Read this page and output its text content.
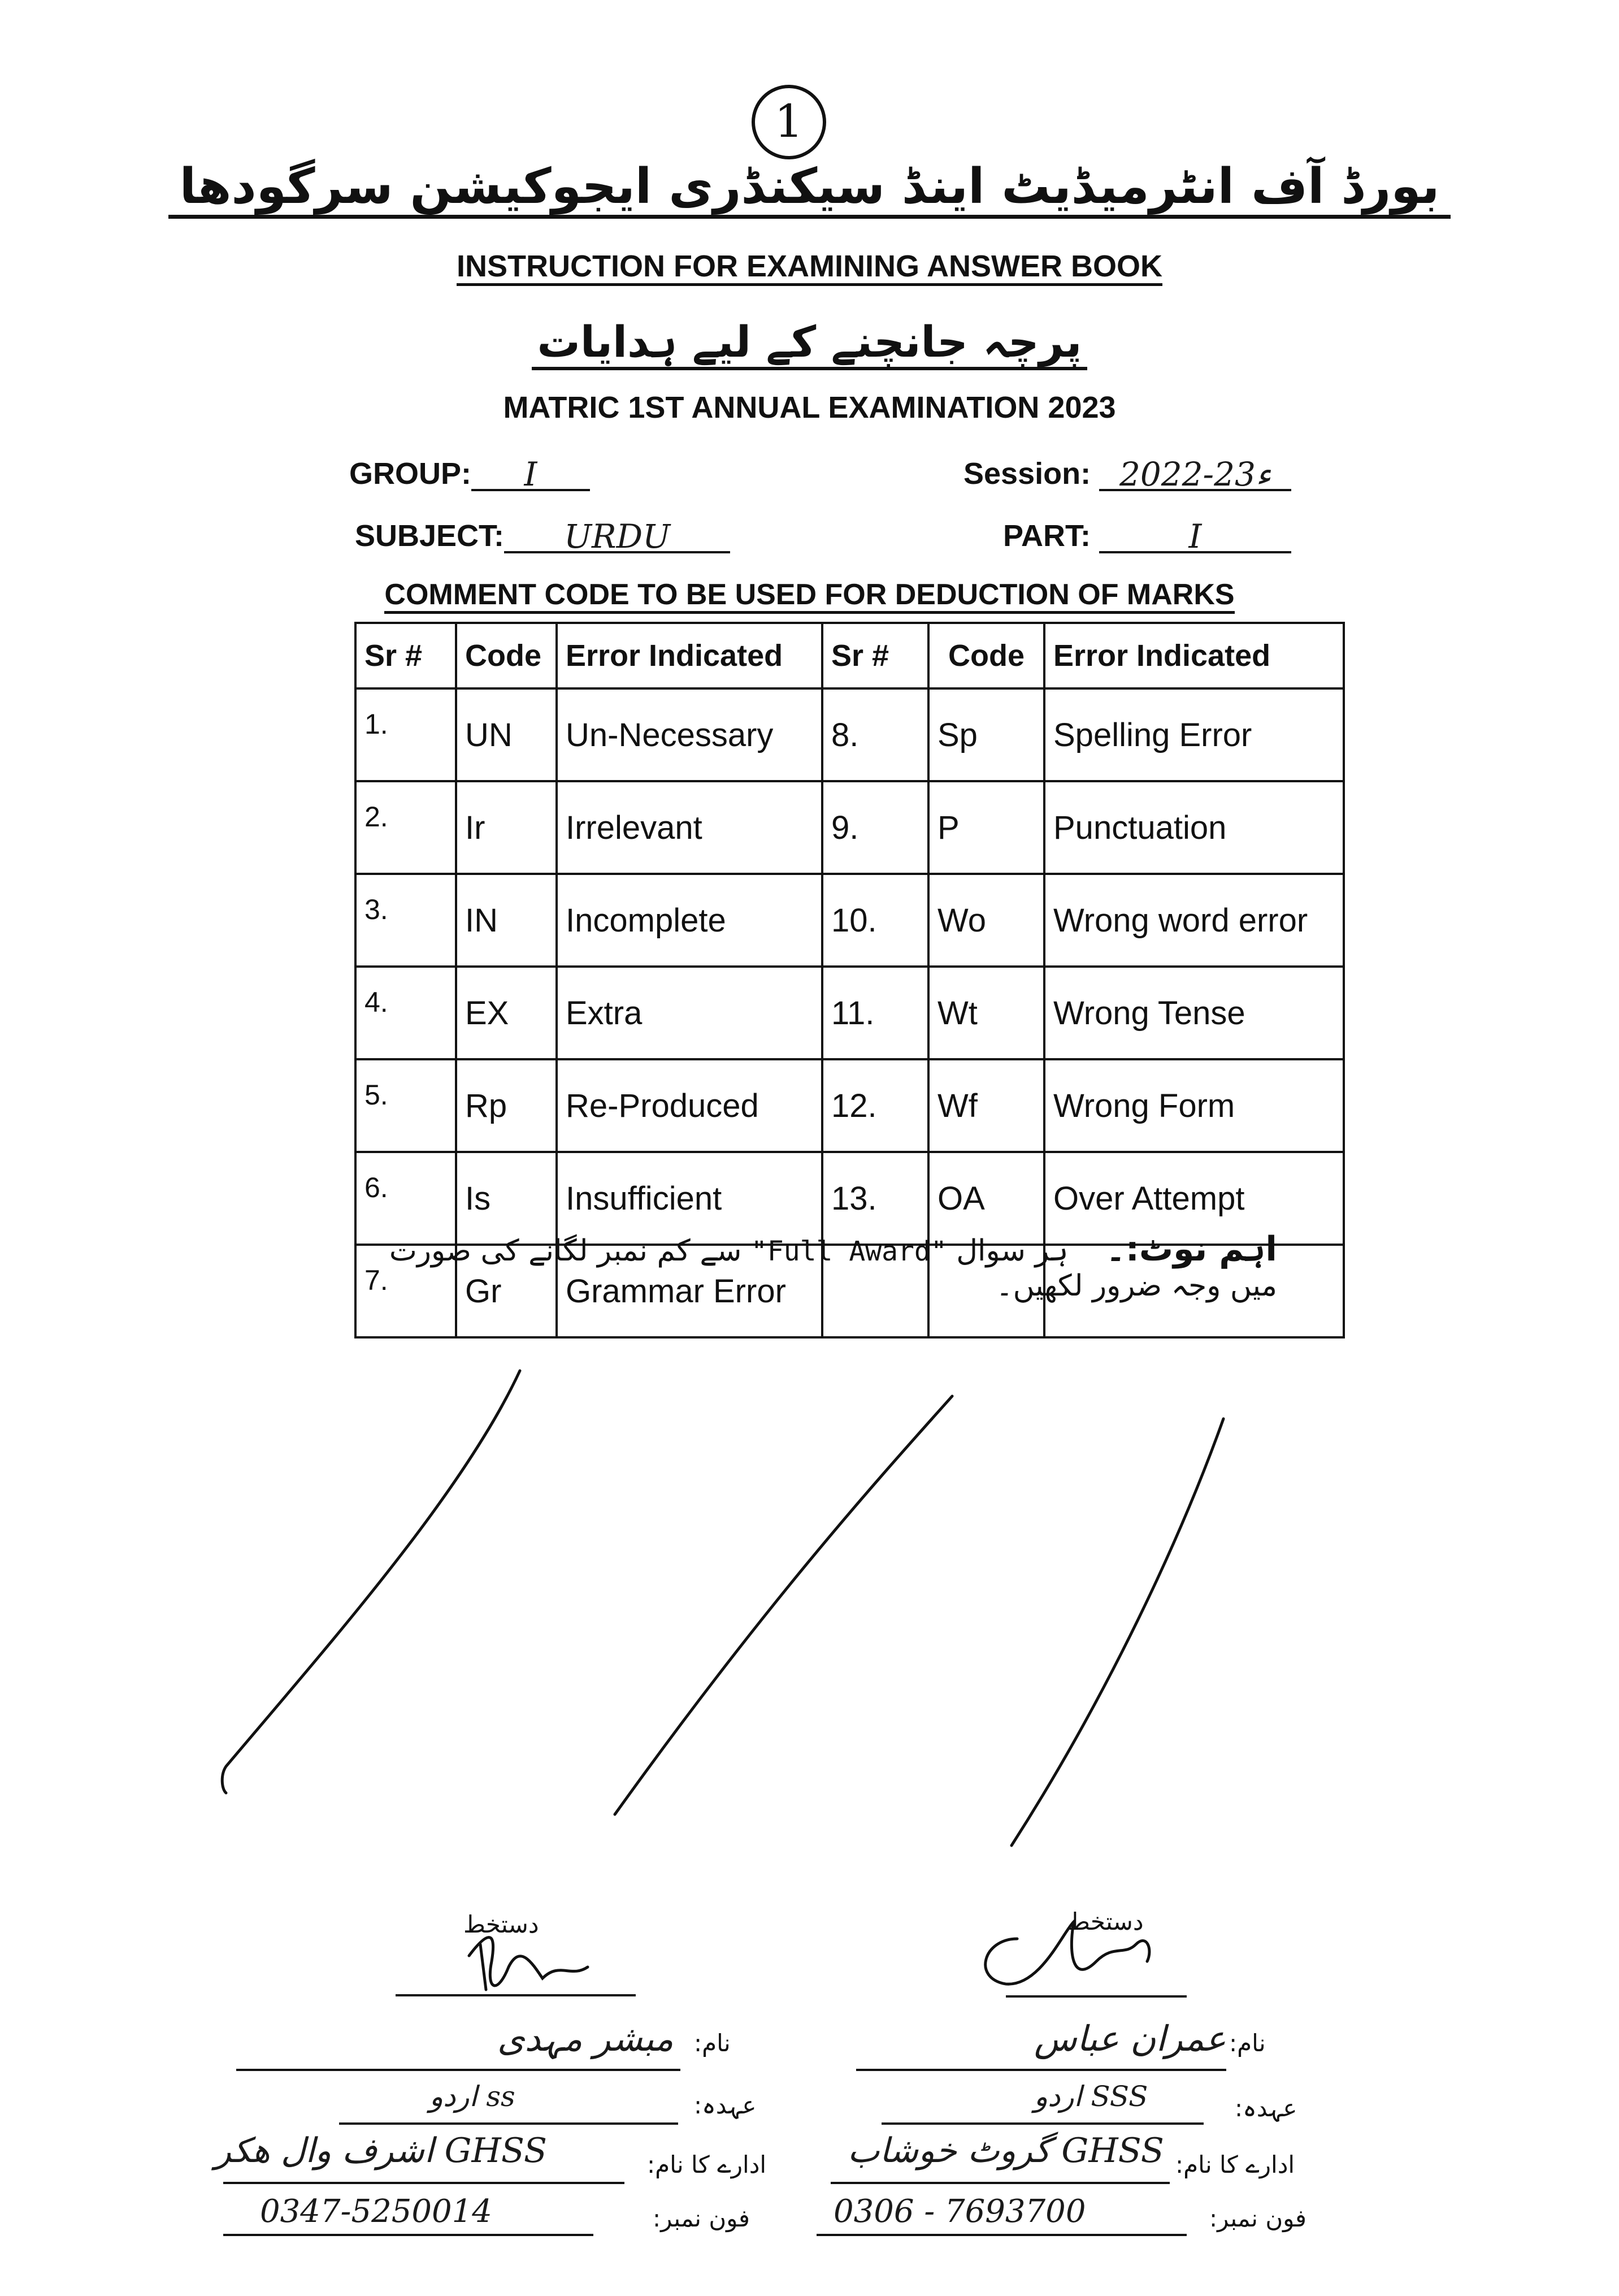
1
بورڈ آف انٹرمیڈیٹ اینڈ سیکنڈری ایجوکیشن سرگودھا
INSTRUCTION FOR EXAMINING ANSWER BOOK
پرچہ جانچنے کے لیے ہدایات
MATRIC 1ST ANNUAL EXAMINATION 2023
GROUP: I	Session: 2022-23ء
SUBJECT: URDU	PART:	I
COMMENT CODE TO BE USED FOR DEDUCTION OF MARKS
Sr #	Code	Error Indicated	Sr #	Code	Error Indicated
1.	UN	Un-Necessary	8.	Sp	Spelling Error
2.	Ir	Irrelevant	9.	P	Punctuation
3.	IN	Incomplete	10.	Wo	Wrong word error
4.	EX	Extra	11.	Wt	Wrong Tense
5.	Rp	Re-Produced	12.	Wf	Wrong Form
6.	Is	Insufficient	13.	OA	Over Attempt
7.	Gr	Grammar Error			
اہم نوٹ:۔    ہر سوال "Full Award" سے کم نمبر لگانے کی صورت میں وجہ ضرور لکھیں۔
دستخط
نام:
مبشر مہدی
عہدہ:
ss اردو
ادارے کا نام:
GHSS اشرف وال ھکر
فون نمبر:
0347-5250014
دستخط
نام:
عمران عباس
عہدہ:
SSS اردو
ادارے کا نام:
GHSS گروٹ خوشاب
فون نمبر:
0306 - 7693700
